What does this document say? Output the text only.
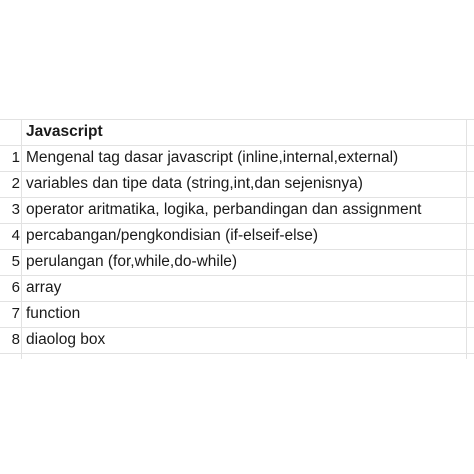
Javascript
1 Mengenal tag dasar javascript (inline,internal,external)
2 variables dan tipe data (string,int,dan sejenisnya)
3 operator aritmatika, logika, perbandingan dan assignment
4 percabangan/pengkondisian (if-elseif-else)
5 perulangan (for,while,do-while)
6 array
7 function
8 diaolog box
